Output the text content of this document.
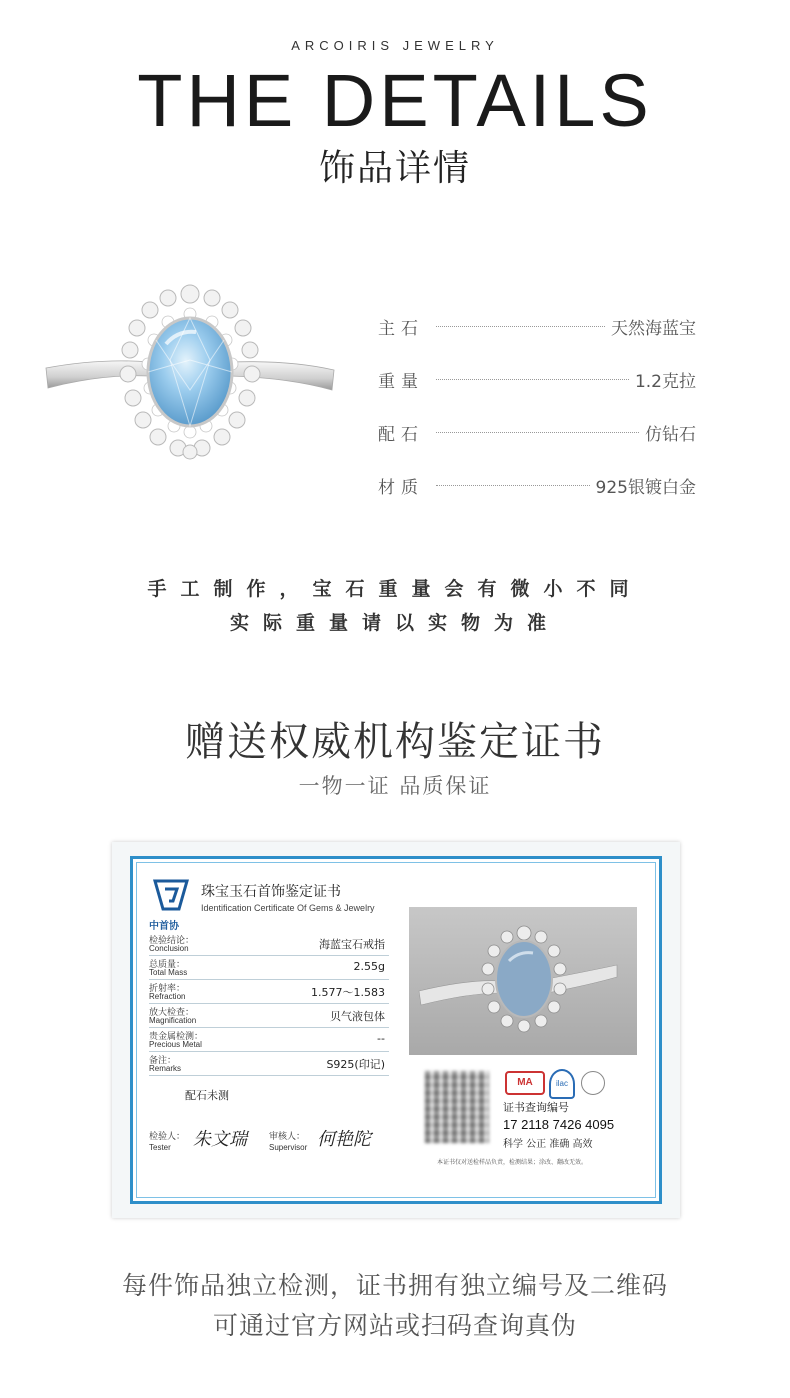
ARCOIRIS JEWELRY
THE DETAILS
饰品详情
主石	天然海蓝宝
重量	1.2克拉
配石	仿钻石
材质	925银镀白金
手工制作，宝石重量会有微小不同
实际重量请以实物为准
赠送权威机构鉴定证书
一物一证 品质保证
中首协
珠宝玉石首饰鉴定证书
Identification Certificate Of Gems & Jewelry
检验结论：
Conclusion	海蓝宝石戒指
总质量：
Total Mass	2.55g
折射率：
Refraction	1.577～1.583
放大检查：
Magnification	贝气液包体
贵金属检测：
Precious Metal	--
备注：
Remarks	S925(印记)
配石未测
检验人：
Tester 朱文瑞 审核人：
Supervisor 何艳陀
MA	ilac
证书查询编号
17 2118 7426 4095
科学 公正 准确 高效
本证书仅对送检样品负责，检测结果；涂改、翻改无效。
每件饰品独立检测，证书拥有独立编号及二维码
可通过官方网站或扫码查询真伪
